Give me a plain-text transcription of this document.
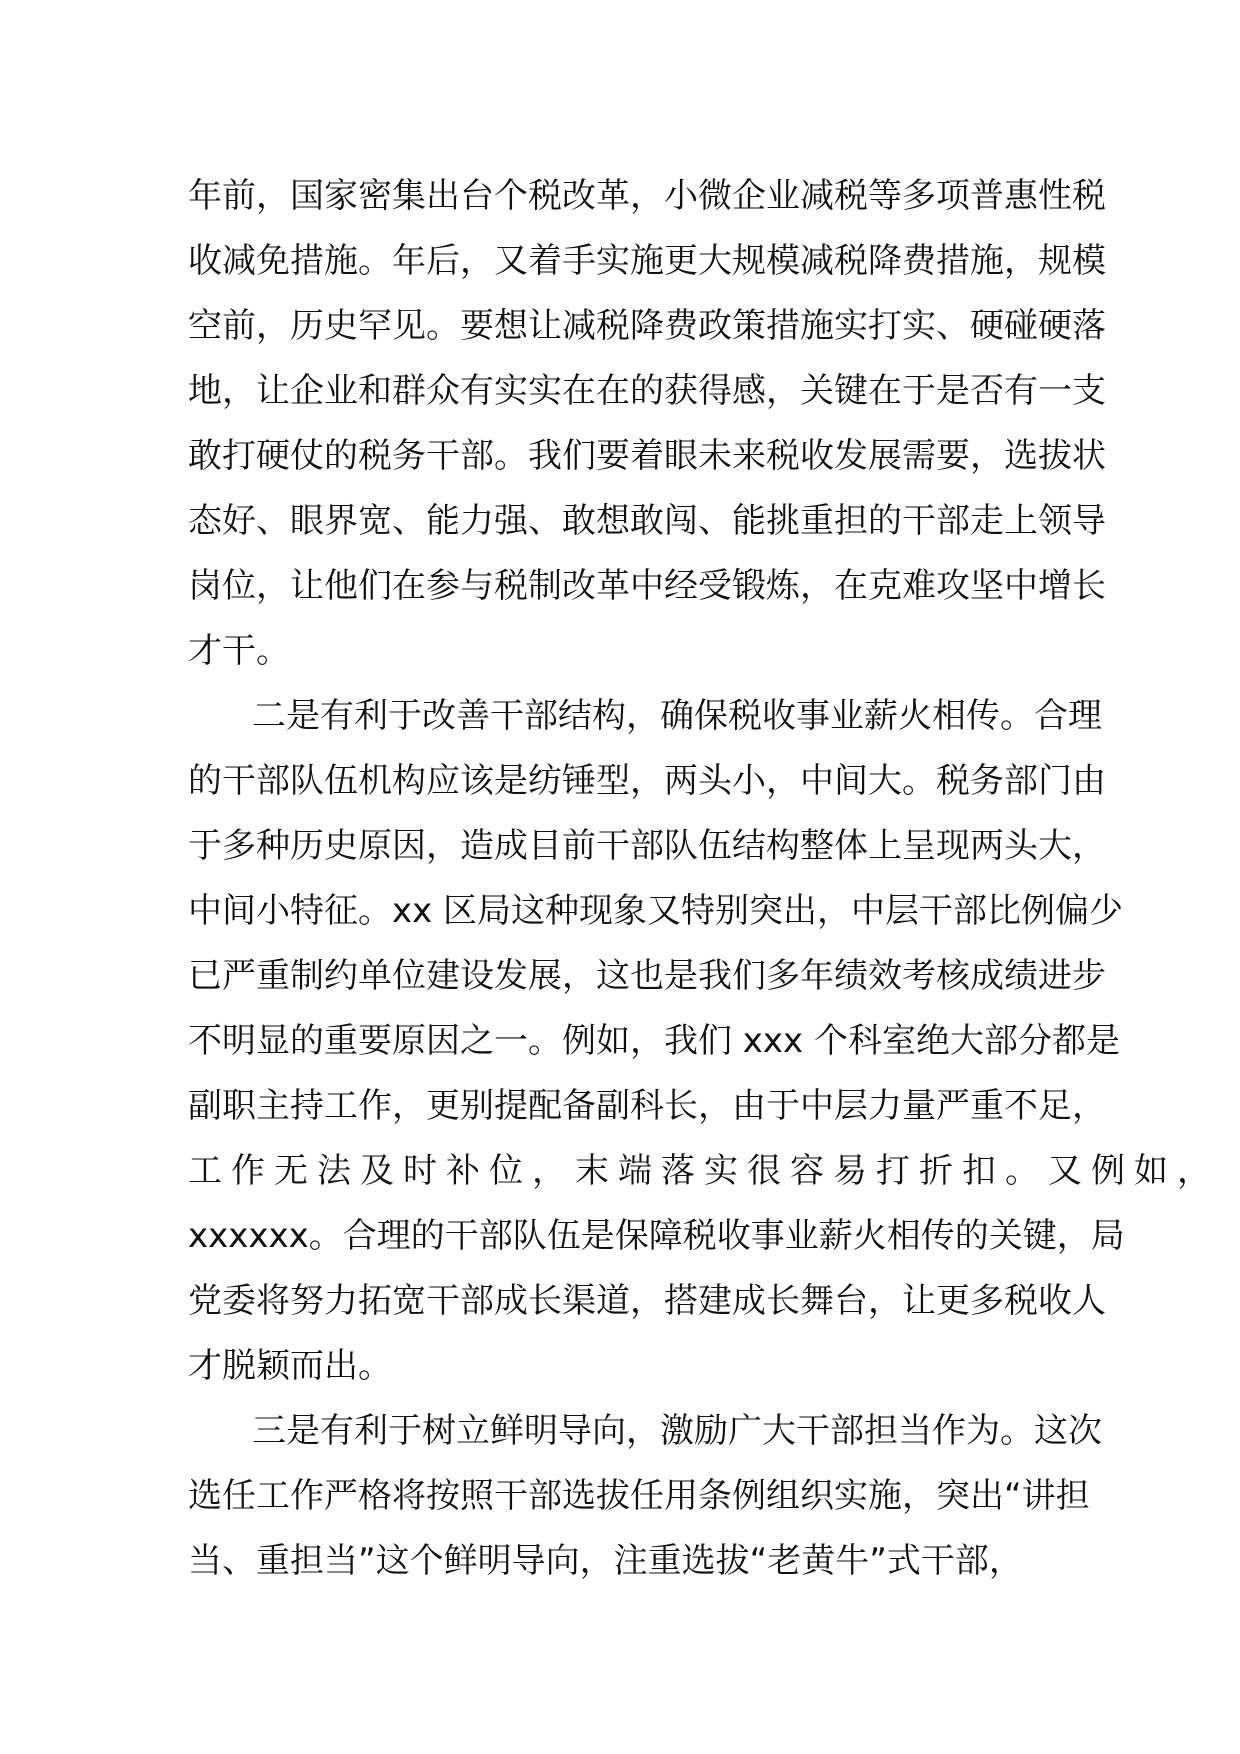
年前，国家密集出台个税改革，小微企业减税等多项普惠性税
收减免措施。年后，又着手实施更大规模减税降费措施，规模
空前，历史罕见。要想让减税降费政策措施实打实、硬碰硬落
地，让企业和群众有实实在在的获得感，关键在于是否有一支
敢打硬仗的税务干部。我们要着眼未来税收发展需要，选拔状
态好、眼界宽、能力强、敢想敢闯、能挑重担的干部走上领导
岗位，让他们在参与税制改革中经受锻炼，在克难攻坚中增长
才干。
二是有利于改善干部结构，确保税收事业薪火相传。合理
的干部队伍机构应该是纺锤型，两头小，中间大。税务部门由
于多种历史原因，造成目前干部队伍结构整体上呈现两头大，
中间小特征。xx 区局这种现象又特别突出，中层干部比例偏少
已严重制约单位建设发展，这也是我们多年绩效考核成绩进步
不明显的重要原因之一。例如，我们 xxx 个科室绝大部分都是
副职主持工作，更别提配备副科长，由于中层力量严重不足，
工作无法及时补位，末端落实很容易打折扣。又例如，
xxxxxx。合理的干部队伍是保障税收事业薪火相传的关键，局
党委将努力拓宽干部成长渠道，搭建成长舞台，让更多税收人
才脱颖而出。
三是有利于树立鲜明导向，激励广大干部担当作为。这次
选任工作严格将按照干部选拔任用条例组织实施，突出“讲担
当、重担当”这个鲜明导向，注重选拔“老黄牛”式干部，
